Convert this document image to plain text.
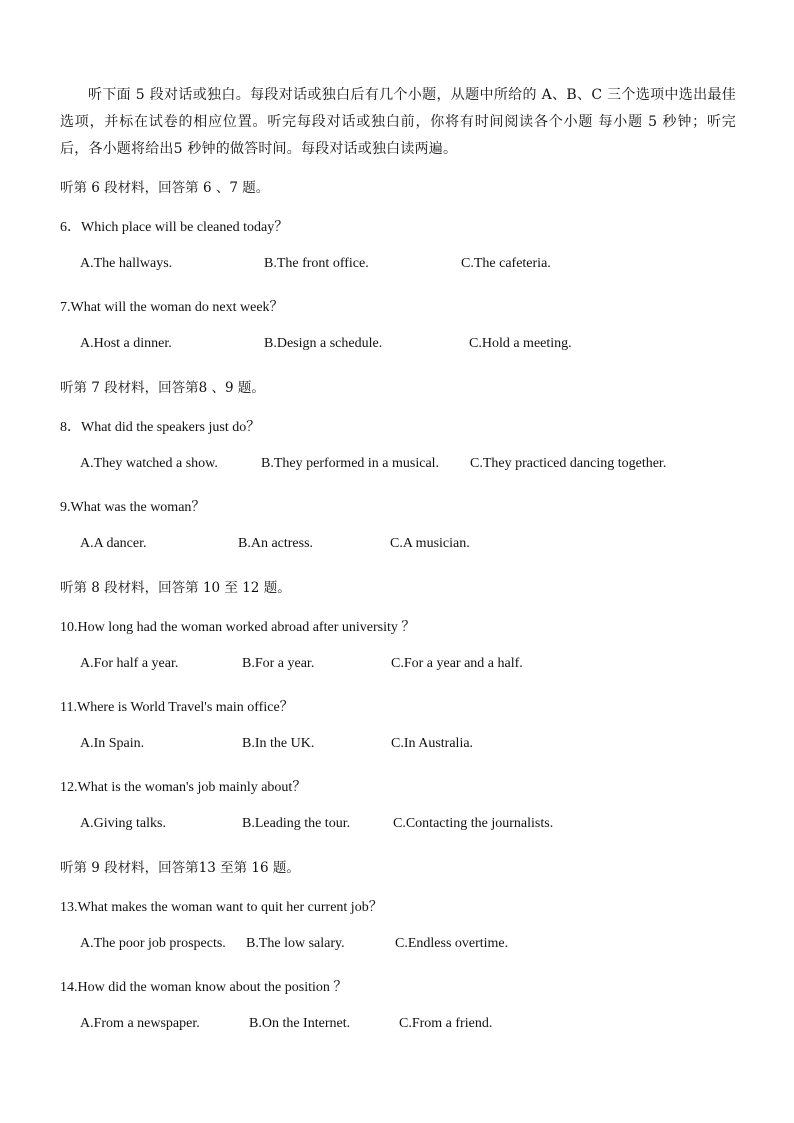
听下面 5 段对话或独白。每段对话或独白后有几个小题，从题中所给的 A、B、C 三个选项中选出最佳选项，并标在试卷的相应位置。听完每段对话或独白前，你将有时间阅读各个小题 每小题 5 秒钟；听完后，各小题将给出5 秒钟的做答时间。每段对话或独白读两遍。
听第 6 段材料，回答第 6 、7 题。
6．Which place will be cleaned today？
A.The hallways.	B.The front office.	C.The cafeteria.
7.What will the woman do next week？
A.Host a dinner.	B.Design a schedule.	C.Hold a meeting.
听第 7 段材料，回答第8 、9 题。
8．What did the speakers just do？
A.They watched a show.	B.They performed in a musical. C.They practiced dancing together.
9.What was the woman？
A.A dancer.	B.An actress.	C.A musician.
听第 8 段材料，回答第 10 至 12 题。
10.How long had the woman worked abroad after university ？
A.For half a year.	B.For a year.	C.For a year and a half.
11.Where is World Travel's main office？
A.In Spain.	B.In the UK.	C.In Australia.
12.What is the woman's job mainly about？
A.Giving talks.	B.Leading the tour.	C.Contacting the journalists.
听第 9 段材料，回答第13 至第 16 题。
13.What makes the woman want to quit her current job？
A.The poor job prospects. B.The low salary.	C.Endless overtime.
14.How did the woman know about the position ？
A.From a newspaper.	B.On the Internet.	C.From a friend.
